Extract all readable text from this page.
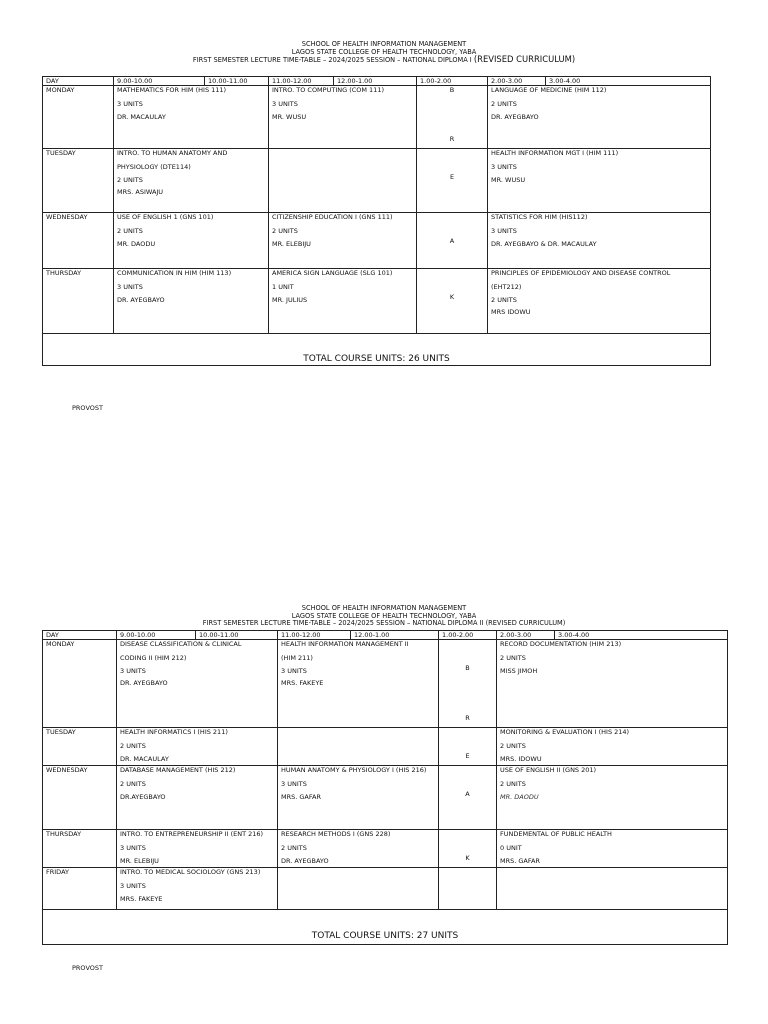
SCHOOL OF HEALTH INFORMATION MANAGEMENT
LAGOS STATE COLLEGE OF HEALTH TECHNOLOGY, YABA
FIRST SEMESTER LECTURE TIME-TABLE – 2024/2025 SESSION – NATIONAL DIPLOMA I (REVISED CURRICULUM)
DAY	9.00-10.00	10.00-11.00	11.00-12.00	12.00-1.00	1.00-2.00	2.00-3.00	3.00-4.00

MONDAY	MATHEMATICS FOR HIM (HIS 111)
3 UNITS
DR. MACAULAY		INTRO. TO COMPUTING (COM 111)
3 UNITS
MR. WUSU		B
R	LANGUAGE OF MEDICINE (HIM 112)
2 UNITS
DR. AYEGBAYO	

TUESDAY	INTRO. TO HUMAN ANATOMY AND
PHYSIOLOGY (DTE114)
2 UNITS
MRS. ASIWAJU				E	HEALTH INFORMATION MGT I (HIM 111)
3 UNITS
MR. WUSU	

WEDNESDAY	USE OF ENGLISH 1 (GNS 101)
2 UNITS
MR. DAODU		CITIZENSHIP EDUCATION I (GNS 111)
2 UNITS
MR. ELEBIJU		A	STATISTICS FOR HIM (HIS112)
3 UNITS
DR. AYEGBAYO & DR. MACAULAY	

THURSDAY	COMMUNICATION IN HIM (HIM 113)
3 UNITS
DR. AYEGBAYO		AMERICA SIGN LANGUAGE (SLG 101)
1 UNIT
MR. JULIUS		K	PRINCIPLES OF EPIDEMIOLOGY AND DISEASE CONTROL
(EHT212)
2 UNITS
MRS IDOWU	

TOTAL COURSE UNITS: 26 UNITS							
PROVOST
SCHOOL OF HEALTH INFORMATION MANAGEMENT
LAGOS STATE COLLEGE OF HEALTH TECHNOLOGY, YABA
FIRST SEMESTER LECTURE TIME-TABLE – 2024/2025 SESSION – NATIONAL DIPLOMA II (REVISED CURRICULUM)
DAY	9.00-10.00	10.00-11.00	11.00-12.00	12.00-1.00	1.00-2.00	2.00-3.00	3.00-4.00

MONDAY	DISEASE CLASSIFICATION & CLINICAL
CODING II (HIM 212)
3 UNITS
DR. AYEGBAYO		HEALTH INFORMATION MANAGEMENT II
(HIM 211)
3 UNITS
MRS. FAKEYE		B
R	RECORD DOCUMENTATION (HIM 213)
2 UNITS
MISS JIMOH	

TUESDAY	HEALTH INFORMATICS I (HIS 211)
2 UNITS
DR. MACAULAY				E	MONITORING & EVALUATION I (HIS 214)
2 UNITS
MRS. IDOWU	

WEDNESDAY	DATABASE MANAGEMENT (HIS 212)
2 UNITS
DR.AYEGBAYO		HUMAN ANATOMY & PHYSIOLOGY I (HIS 216)
3 UNITS
MRS. GAFAR		A	USE OF ENGLISH II (GNS 201)
2 UNITS
MR. DAODU	

THURSDAY	INTRO. TO ENTREPRENEURSHIP II (ENT 216)
3 UNITS
MR. ELEBIJU		RESEARCH METHODS I (GNS 228)
2 UNITS
DR. AYEGBAYO		K	FUNDEMENTAL OF PUBLIC HEALTH
0 UNIT
MRS. GAFAR	

FRIDAY	INTRO. TO MEDICAL SOCIOLOGY (GNS 213)
3 UNITS
MRS. FAKEYE						

TOTAL COURSE UNITS: 27 UNITS							
PROVOST
